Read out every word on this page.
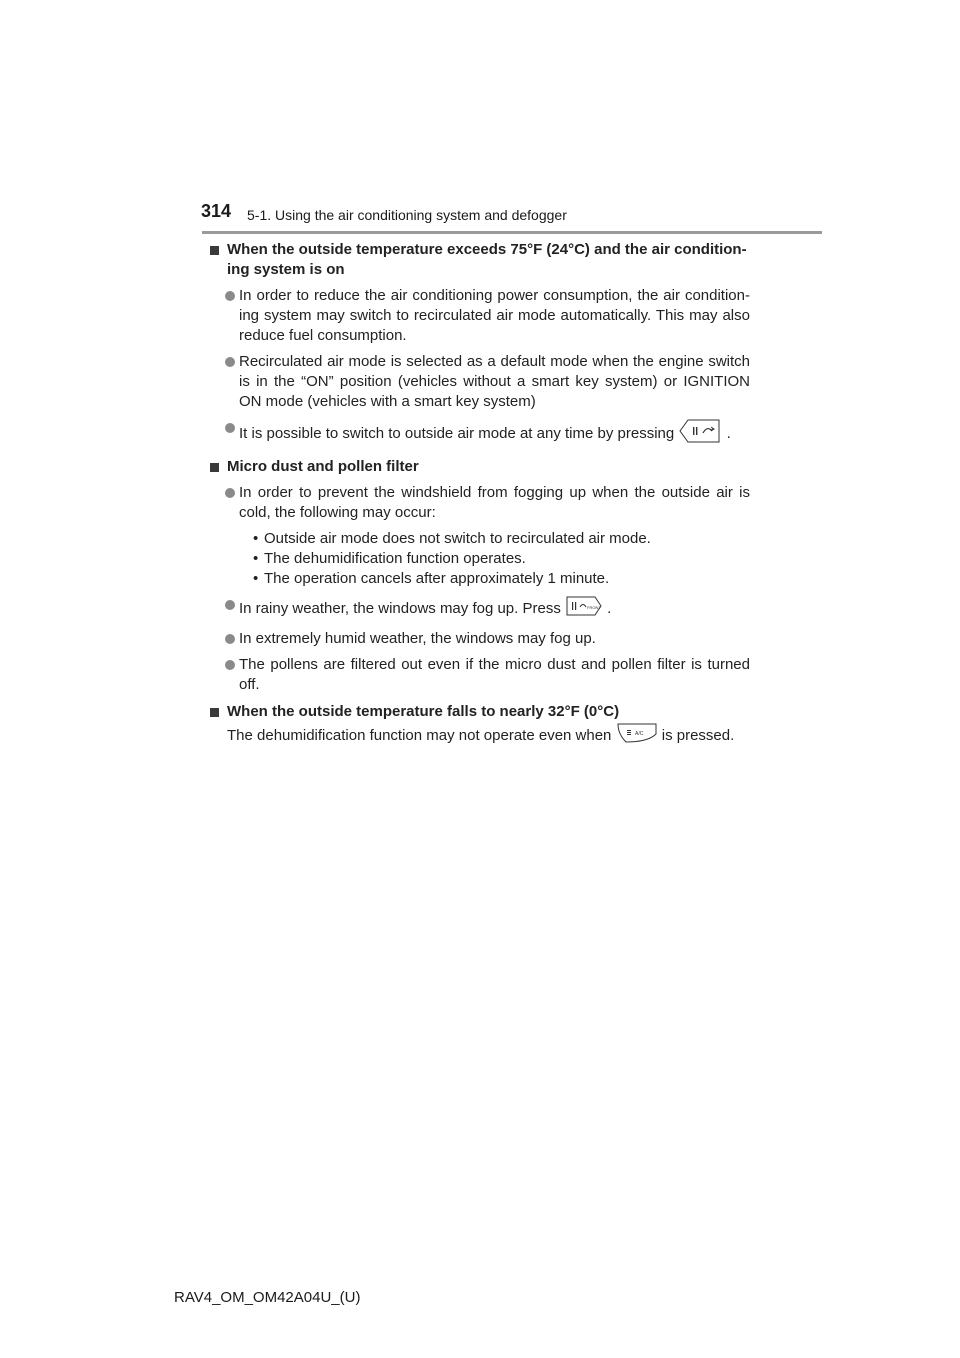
314 5-1. Using the air conditioning system and defogger
When the outside temperature exceeds 75°F (24°C) and the air condition-
ing system is on

In order to reduce the air conditioning power consumption, the air condition-ing system may switch to recirculated air mode automatically. This may also reduce fuel consumption.

Recirculated air mode is selected as a default mode when the engine switch is in the “ON” position (vehicles without a smart key system) or IGNITION ON mode (vehicles with a smart key system)

It is possible to switch to outside air mode at any time by pressing	.

Micro dust and pollen filter

In order to prevent the windshield from fogging up when the outside air is cold, the following may occur:

• Outside air mode does not switch to recirculated air mode.

• The dehumidification function operates.

• The operation cancels after approximately 1 minute.

In rainy weather, the windows may fog up. Press	FRONT .

In extremely humid weather, the windows may fog up.

The pollens are filtered out even if the micro dust and pollen filter is turned off.

When the outside temperature falls to nearly 32°F (0°C)

The dehumidification function may not operate even when	A/C is pressed.

RAV4_OM_OM42A04U_(U)
